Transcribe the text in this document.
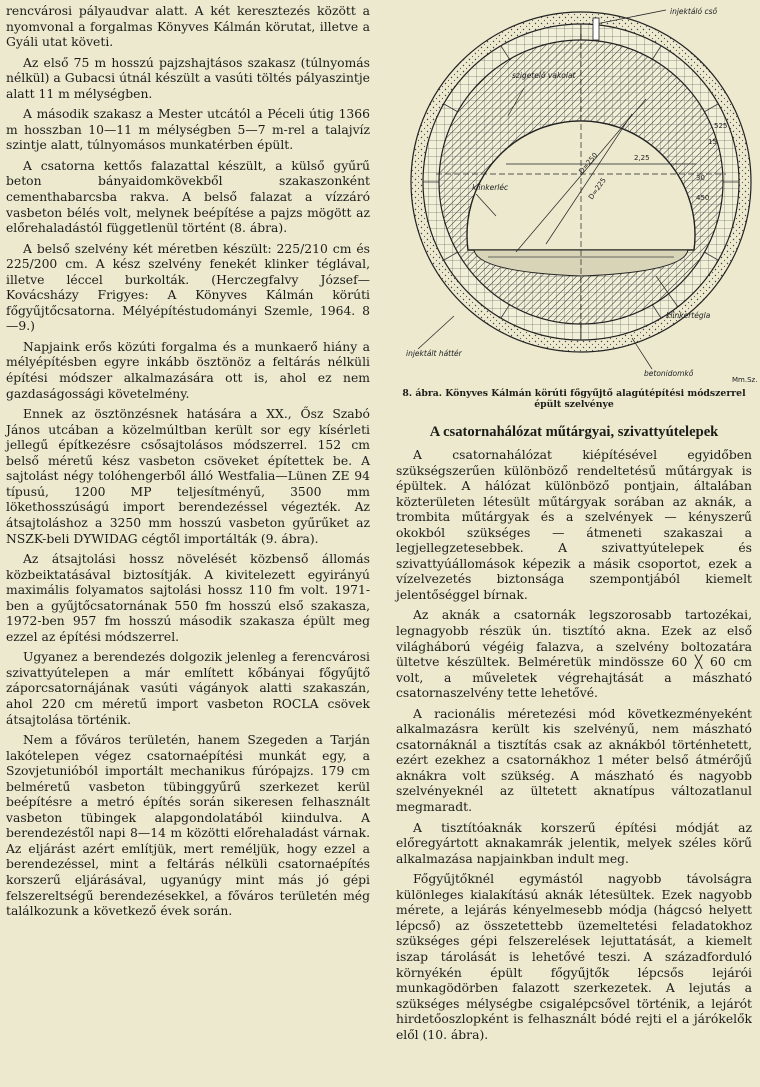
rencvárosi pályaudvar alatt. A két keresztezés között a nyomvonal a forgalmas Könyves Kálmán körutat, illetve a Gyáli utat követi.

Az első 75 m hosszú pajzshajtásos szakasz (túlnyomás nélkül) a Gubacsi útnál készült a vasúti töltés pályaszintje alatt 11 m mélységben.

A második szakasz a Mester utcától a Péceli útig 1366 m hosszban 10—11 m mélységben 5—7 m-rel a talajvíz szintje alatt, túlnyomásos munkatérben épült.

A csatorna kettős falazattal készült, a külső gyűrű beton bányaidomkövekből szakaszonként cementhabarcsba rakva. A belső falazat a vízzáró vasbeton bélés volt, melynek beépítése a pajzs mögött az előrehaladástól függetlenül történt (8. ábra).

A belső szelvény két méretben készült: 225/210 cm és 225/200 cm. A kész szelvény fenekét klinker téglával, illetve léccel burkolták. (Herczegfalvy József—Kovácsházy Frigyes: A Könyves Kálmán körúti főgyűjtőcsatorna. Mélyépítéstudományi Szemle, 1964. 8—9.)

Napjaink erős közúti forgalma és a munkaerő hiány a mélyépítésben egyre inkább ösztönöz a feltárás nélküli építési módszer alkalmazására ott is, ahol ez nem gazdaságossági követelmény.

Ennek az ösztönzésnek hatására a XX., Ősz Szabó János utcában a közelmúltban került sor egy kísérleti jellegű építkezésre csősajtolásos módszerrel. 152 cm belső méretű kész vasbeton csöveket építettek be. A sajtolást négy tolóhengerből álló Westfalia—Lünen ZE 94 típusú, 1200 MP teljesítményű, 3500 mm lökethosszúságú import berendezéssel végezték. Az átsajtoláshoz a 3250 mm hosszú vasbeton gyűrűket az NSZK-beli DYWIDAG cégtől importálták (9. ábra).

Az átsajtolási hossz növelését közbenső állomás közbeiktatásával biztosítják. A kivitelezett egyirányú maximális folyamatos sajtolási hossz 110 fm volt. 1971-ben a gyűjtőcsatornának 550 fm hosszú első szakasza, 1972-ben 957 fm hosszú második szakasza épült meg ezzel az építési módszerrel.

Ugyanez a berendezés dolgozik jelenleg a ferencvárosi szivattyútelepen a már említett kőbányai főgyűjtő záporcsatornájának vasúti vágányok alatti szakaszán, ahol 220 cm méretű import vasbeton ROCLA csövek átsajtolása történik.

Nem a főváros területén, hanem Szegeden a Tarján lakótelepen végez csatornaépítési munkát egy, a Szovjetunióból importált mechanikus fúrópajzs. 179 cm belméretű vasbeton tübinggyűrű szerkezet kerül beépítésre a metró építés során sikeresen felhasznált vasbeton tübingek alapgondolatából kiindulva. A berendezéstől napi 8—14 m közötti előrehaladást várnak. Az eljárást azért említjük, mert reméljük, hogy ezzel a berendezéssel, mint a feltárás nélküli csatornaépítés korszerű eljárásával, ugyanúgy mint más jó gépi felszereltségű berendezésekkel, a főváros területén még találkozunk a következő évek során.

injektáló cső
szigetelő vakolat
klinkerléc
klinkertégla
injektált háttér
betonidomkő
2,25
D=250
D=225
525
450
30
15
Mm.Sz.
8. ábra. Könyves Kálmán körúti főgyűjtő alagútépítési módszerrel épült szelvénye
A csatornahálózat műtárgyai, szivattyútelepek

A csatornahálózat kiépítésével egyidőben szükségszerűen különböző rendeltetésű műtárgyak is épültek. A hálózat különböző pontjain, általában közterületen létesült műtárgyak sorában az aknák, a trombita műtárgyak és a szelvények — kényszerű okokból szükséges — átmeneti szakaszai a legjellegzetesebbek. A szivattyútelepek és szivattyúállomások képezik a másik csoportot, ezek a vízelvezetés biztonsága szempontjából kiemelt jelentőséggel bírnak.

Az aknák a csatornák legszorosabb tartozékai, legnagyobb részük ún. tisztító akna. Ezek az első világháború végéig falazva, a szelvény boltozatára ültetve készültek. Belméretük mindössze 60 ╳ 60 cm volt, a műveletek végrehajtását a mászható csatornaszelvény tette lehetővé.

A racionális méretezési mód következményeként alkalmazásra került kis szelvényű, nem mászható csatornáknál a tisztítás csak az aknákból történhetett, ezért ezekhez a csatornákhoz 1 méter belső átmérőjű aknákra volt szükség. A mászható és nagyobb szelvényeknél az ültetett aknatípus változatlanul megmaradt.

A tisztítóaknák korszerű építési módját az előregyártott aknakamrák jelentik, melyek széles körű alkalmazása napjainkban indult meg.

Főgyűjtőknél egymástól nagyobb távolságra különleges kialakítású aknák létesültek. Ezek nagyobb mérete, a lejárás kényelmesebb módja (hágcsó helyett lépcső) az összetettebb üzemeltetési feladatokhoz szükséges gépi felszerelések lejuttatását, a kiemelt iszap tárolását is lehetővé teszi. A századforduló környékén épült főgyűjtők lépcsős lejárói munkagödörben falazott szerkezetek. A lejutás a szükséges mélységbe csigalépcsővel történik, a lejárót hirdetőoszlopként is felhasznált bódé rejti el a járókelők elől (10. ábra).
